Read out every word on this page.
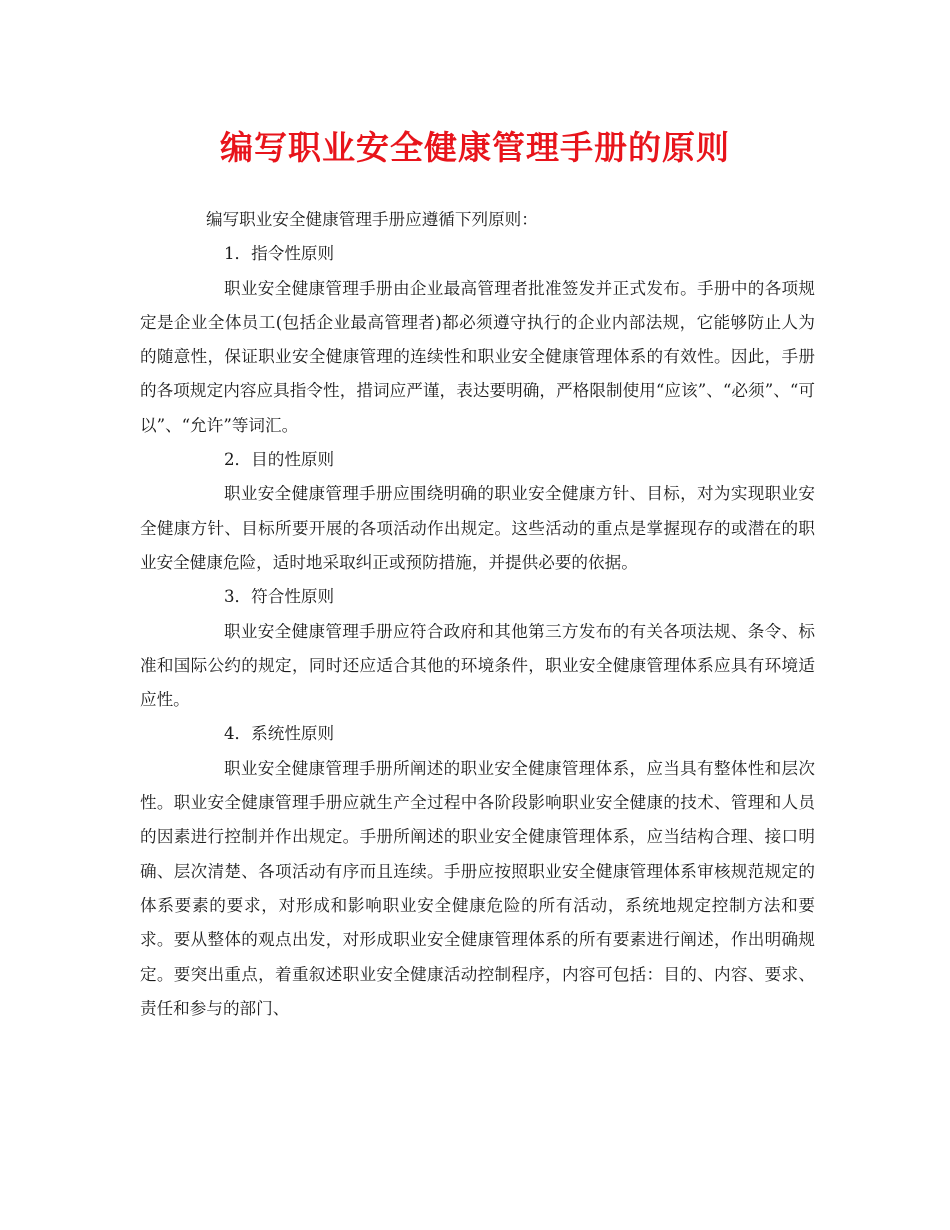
编写职业安全健康管理手册的原则

编写职业安全健康管理手册应遵循下列原则：

1．指令性原则

职业安全健康管理手册由企业最高管理者批准签发并正式发布。手册中的各项规定是企业全体员工(包括企业最高管理者)都必须遵守执行的企业内部法规，它能够防止人为的随意性，保证职业安全健康管理的连续性和职业安全健康管理体系的有效性。因此，手册的各项规定内容应具指令性，措词应严谨，表达要明确，严格限制使用“应该”、“必须”、“可以”、“允许”等词汇。

2．目的性原则

职业安全健康管理手册应围绕明确的职业安全健康方针、目标，对为实现职业安全健康方针、目标所要开展的各项活动作出规定。这些活动的重点是掌握现存的或潜在的职业安全健康危险，适时地采取纠正或预防措施，并提供必要的依据。

3．符合性原则

职业安全健康管理手册应符合政府和其他第三方发布的有关各项法规、条令、标准和国际公约的规定，同时还应适合其他的环境条件，职业安全健康管理体系应具有环境适应性。

4．系统性原则

职业安全健康管理手册所阐述的职业安全健康管理体系，应当具有整体性和层次性。职业安全健康管理手册应就生产全过程中各阶段影响职业安全健康的技术、管理和人员的因素进行控制并作出规定。手册所阐述的职业安全健康管理体系，应当结构合理、接口明确、层次清楚、各项活动有序而且连续。手册应按照职业安全健康管理体系审核规范规定的体系要素的要求，对形成和影响职业安全健康危险的所有活动，系统地规定控制方法和要求。要从整体的观点出发，对形成职业安全健康管理体系的所有要素进行阐述，作出明确规定。要突出重点，着重叙述职业安全健康活动控制程序，内容可包括：目的、内容、要求、责任和参与的部门、
